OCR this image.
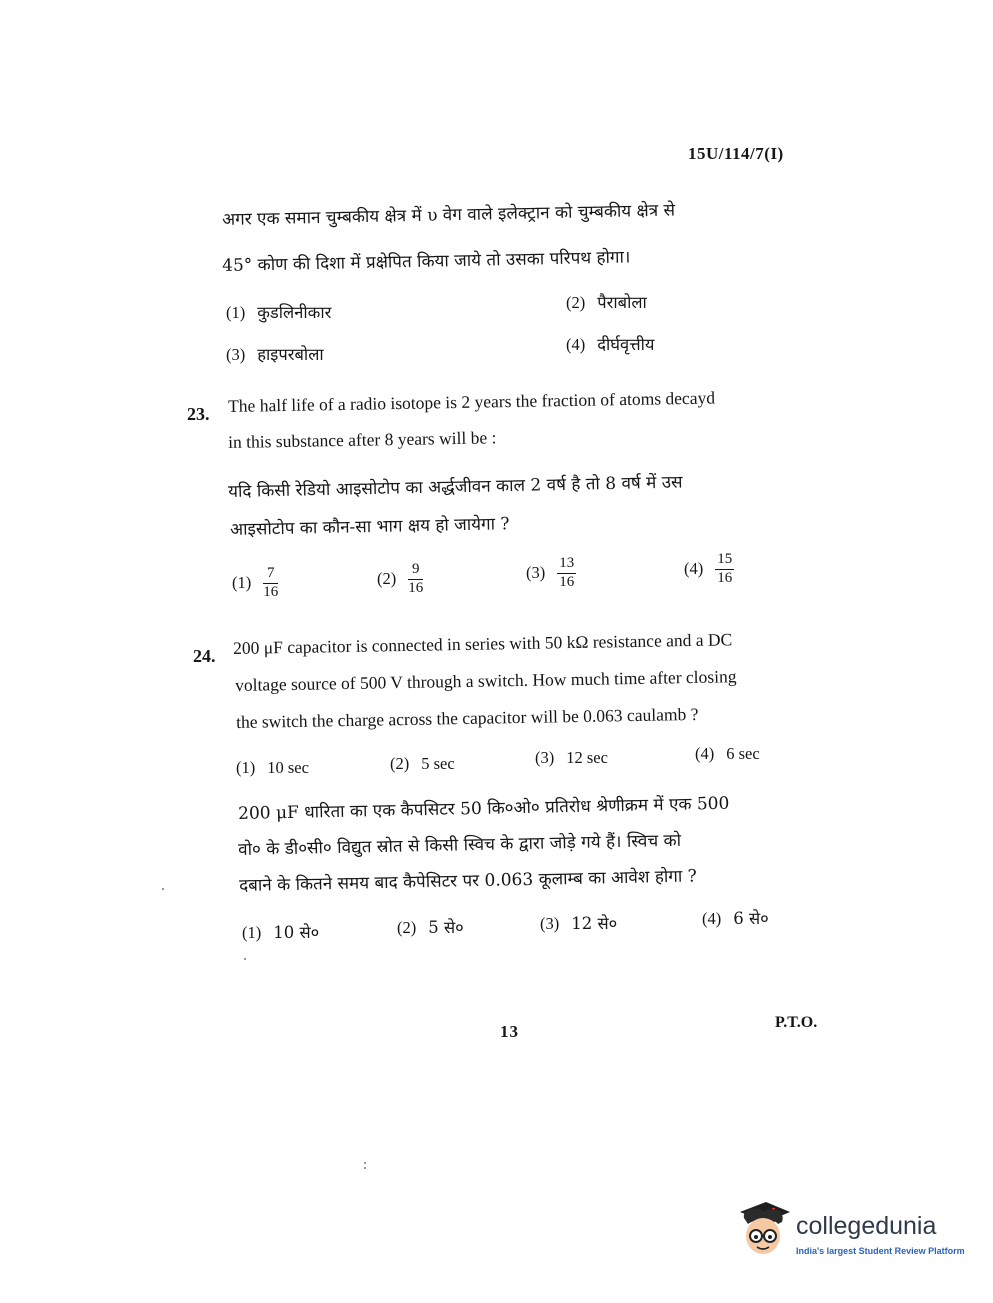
15U/114/7(I)
अगर एक समान चुम्बकीय क्षेत्र में υ वेग वाले इलेक्ट्रान को चुम्बकीय क्षेत्र से
45° कोण की दिशा में प्रक्षेपित किया जाये तो उसका परिपथ होगा।
(1) कुडलिनीकार
(2) पैराबोला
(3) हाइपरबोला
(4) दीर्घवृत्तीय
23. The half life of a radio isotope is 2 years the fraction of atoms decayd
in this substance after 8 years will be :
यदि किसी रेडियो आइसोटोप का अर्द्धजीवन काल 2 वर्ष है तो 8 वर्ष में उस
आइसोटोप का कौन-सा भाग क्षय हो जायेगा ?
$(1) \frac{7}{16}$	$(2) \frac{9}{16}$	$(3) \frac{13}{16}$	$(4) \frac{15}{16}$
24. 200 μF capacitor is connected in series with 50 kΩ resistance and a DC
voltage source of 500 V through a switch. How much time after closing
the switch the charge across the capacitor will be 0.063 caulamb ?
(1) 10 sec	(2) 5 sec	(3) 12 sec	(4) 6 sec
200 μF धारिता का एक कैपसिटर 50 कि०ओ० प्रतिरोध श्रेणीक्रम में एक 500
वो० के डी०सी० विद्युत स्रोत से किसी स्विच के द्वारा जोड़े गये हैं। स्विच को
दबाने के कितने समय बाद कैपेसिटर पर 0.063 कूलाम्ब का आवेश होगा ?
(1) 10 से०	(2) 5 से०	(3) 12 से०	(4) 6 से०
13	P.T.O.
collegedunia
India's largest Student Review Platform
